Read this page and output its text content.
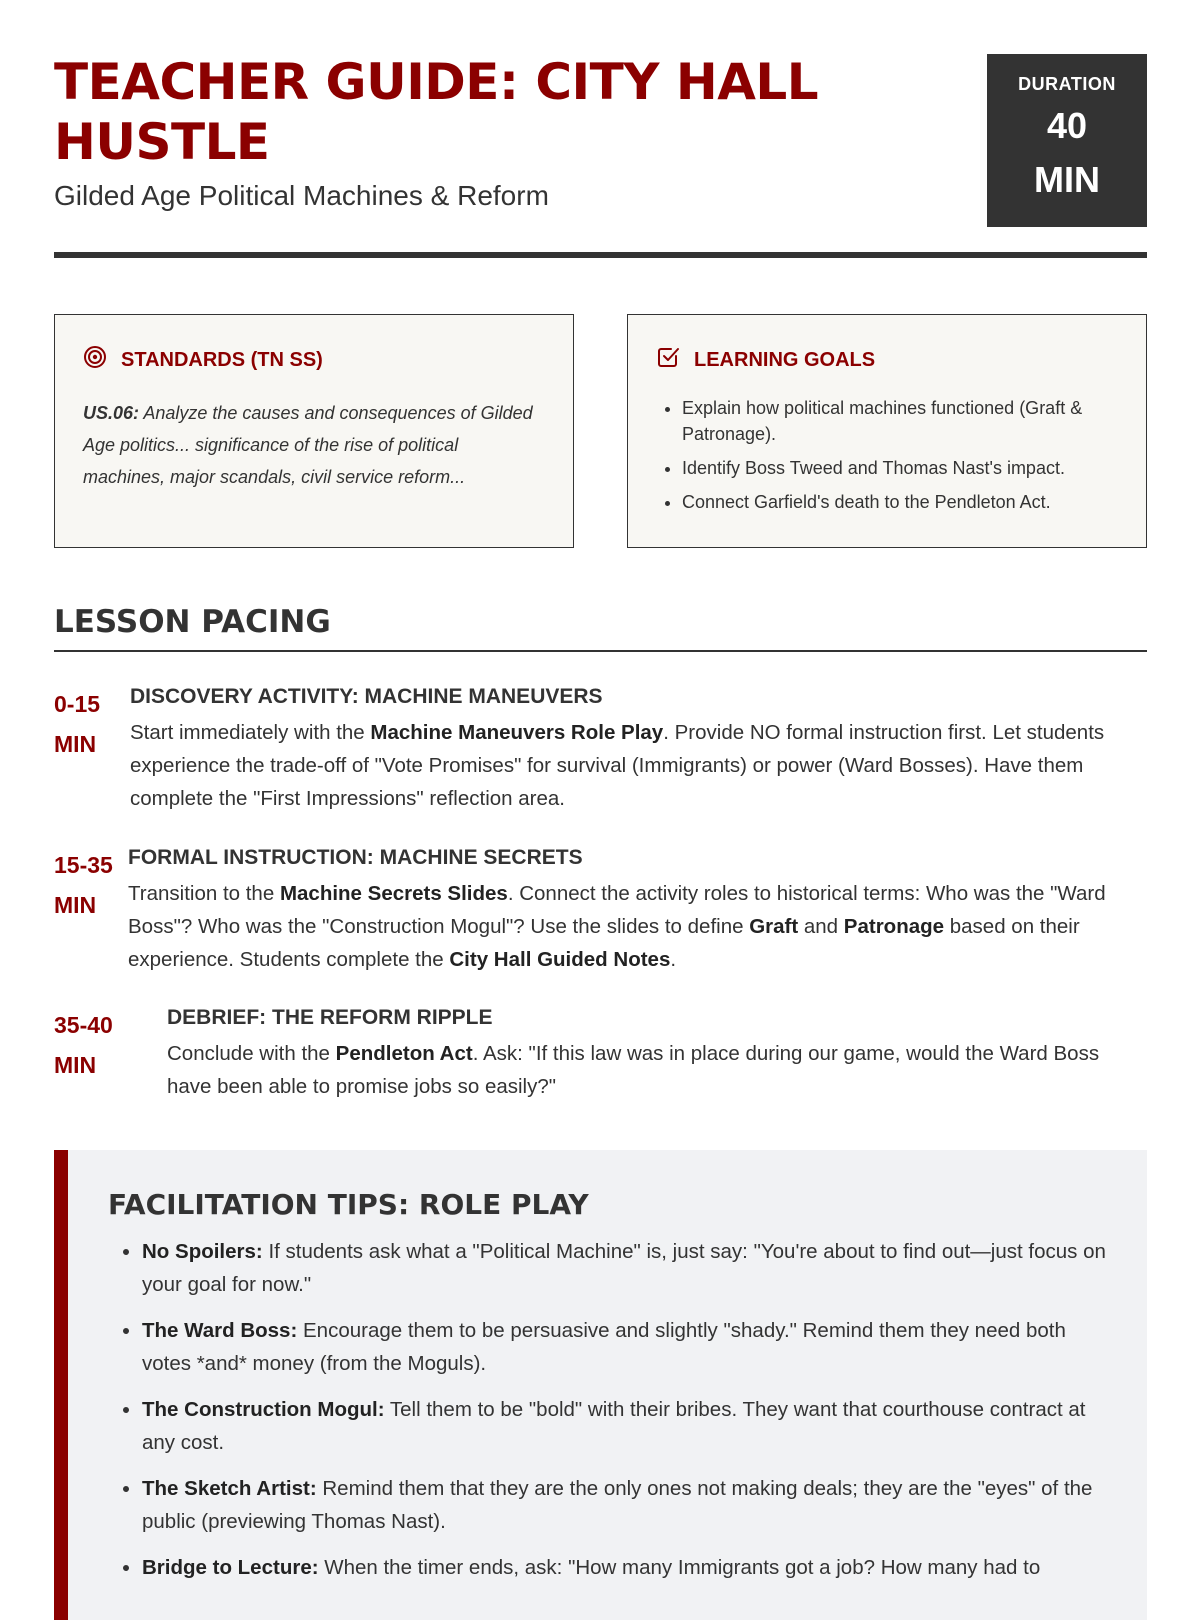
TEACHER GUIDE: CITY HALL HUSTLE

Gilded Age Political Machines & Reform

DURATION
40
MIN
STANDARDS (TN SS)
US.06: Analyze the causes and consequences of Gilded Age politics... significance of the rise of political machines, major scandals, civil service reform...
LEARNING GOALS
• Explain how political machines functioned (Graft & Patronage).
• Identify Boss Tweed and Thomas Nast's impact.
• Connect Garfield's death to the Pendleton Act.
LESSON PACING
0-15 MIN
DISCOVERY ACTIVITY: MACHINE MANEUVERS
Start immediately with the Machine Maneuvers Role Play. Provide NO formal instruction first. Let students experience the trade-off of "Vote Promises" for survival (Immigrants) or power (Ward Bosses). Have them complete the "First Impressions" reflection area.
15-35 MIN
FORMAL INSTRUCTION: MACHINE SECRETS
Transition to the Machine Secrets Slides. Connect the activity roles to historical terms: Who was the "Ward Boss"? Who was the "Construction Mogul"? Use the slides to define Graft and Patronage based on their experience. Students complete the City Hall Guided Notes.
35-40 MIN
DEBRIEF: THE REFORM RIPPLE
Conclude with the Pendleton Act. Ask: "If this law was in place during our game, would the Ward Boss have been able to promise jobs so easily?"
FACILITATION TIPS: ROLE PLAY
• No Spoilers: If students ask what a "Political Machine" is, just say: "You're about to find out—just focus on your goal for now."
• The Ward Boss: Encourage them to be persuasive and slightly "shady." Remind them they need both votes *and* money (from the Moguls).
• The Construction Mogul: Tell them to be "bold" with their bribes. They want that courthouse contract at any cost.
• The Sketch Artist: Remind them that they are the only ones not making deals; they are the "eyes" of the public (previewing Thomas Nast).
• Bridge to Lecture: When the timer ends, ask: "How many Immigrants got a job? How many had to
